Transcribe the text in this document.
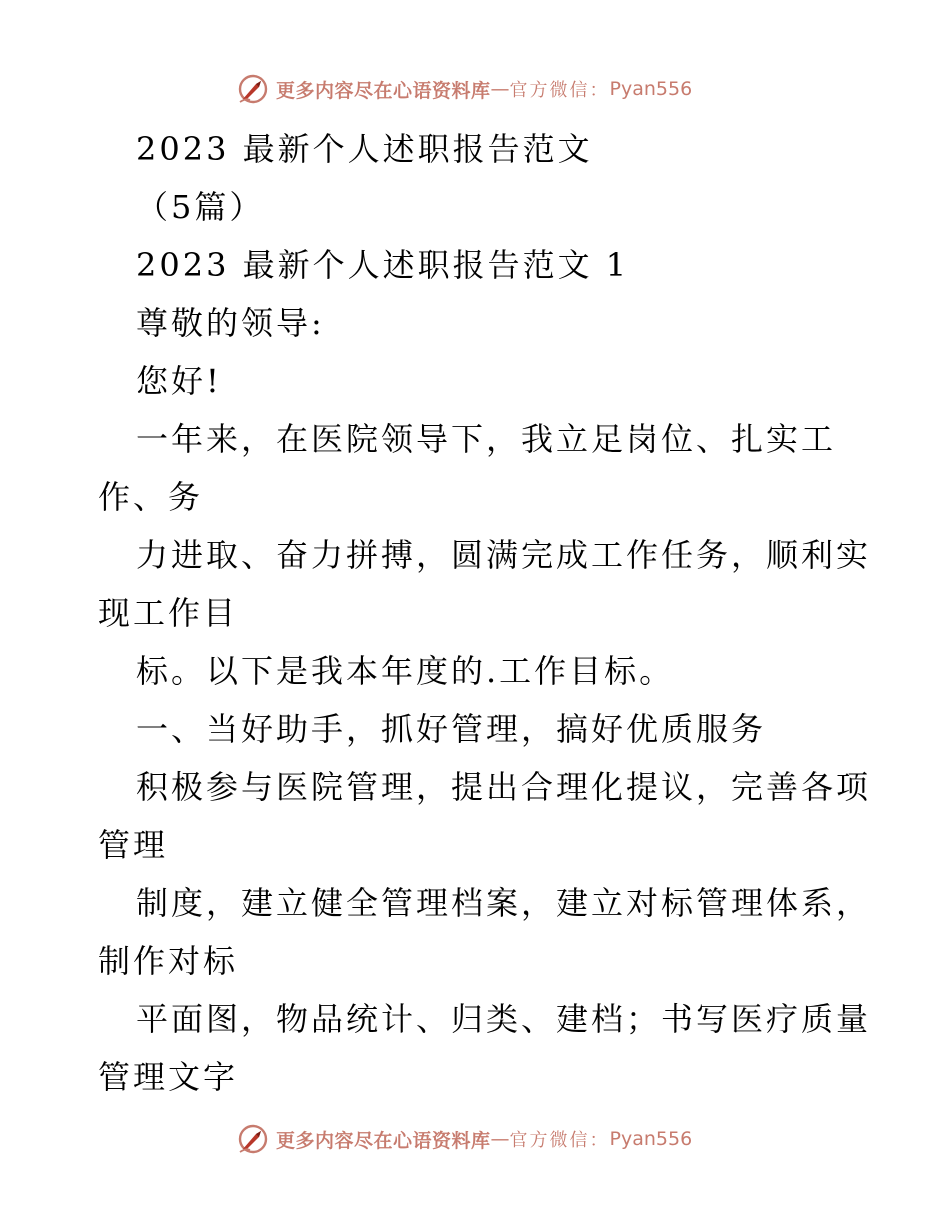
更多内容尽在心语资料库 — 官方微信： Pyan556
2023 最新个人述职报告范文
（5篇）
2023 最新个人述职报告范文 1
尊敬的领导:
您好!
一年来，在医院领导下，我立足岗位、扎实工
作、务
力进取、奋力拼搏，圆满完成工作任务，顺利实
现工作目
标。以下是我本年度的.工作目标。
一、当好助手，抓好管理，搞好优质服务
积极参与医院管理，提出合理化提议，完善各项
管理
制度，建立健全管理档案，建立对标管理体系，
制作对标
平面图，物品统计、归类、建档；书写医疗质量
管理文字
更多内容尽在心语资料库 — 官方微信： Pyan556
